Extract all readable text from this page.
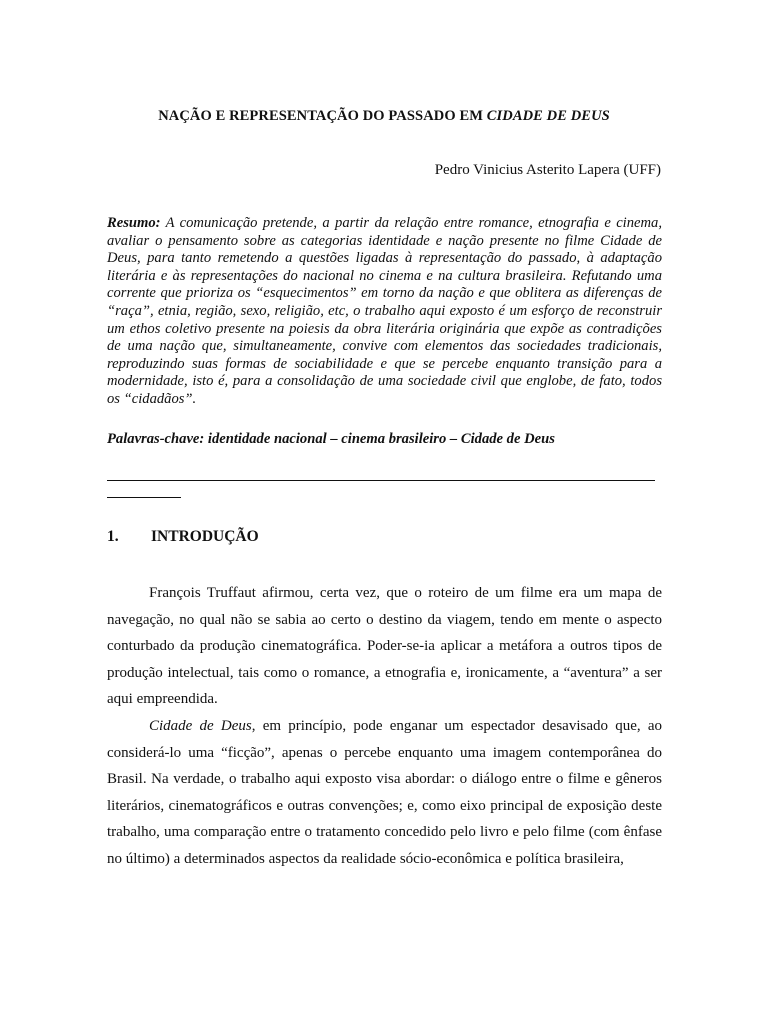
NAÇÃO E REPRESENTAÇÃO DO PASSADO EM CIDADE DE DEUS
Pedro Vinicius Asterito Lapera (UFF)
Resumo: A comunicação pretende, a partir da relação entre romance, etnografia e cinema, avaliar o pensamento sobre as categorias identidade e nação presente no filme Cidade de Deus, para tanto remetendo a questões ligadas à representação do passado, à adaptação literária e às representações do nacional no cinema e na cultura brasileira. Refutando uma corrente que prioriza os “esquecimentos” em torno da nação e que oblitera as diferenças de “raça”, etnia, região, sexo, religião, etc, o trabalho aqui exposto é um esforço de reconstruir um ethos coletivo presente na poiesis da obra literária originária que expõe as contradições de uma nação que, simultaneamente, convive com elementos das sociedades tradicionais, reproduzindo suas formas de sociabilidade e que se percebe enquanto transição para a modernidade, isto é, para a consolidação de uma sociedade civil que englobe, de fato, todos os “cidadãos”.
Palavras-chave: identidade nacional – cinema brasileiro – Cidade de Deus
1. INTRODUÇÃO

François Truffaut afirmou, certa vez, que o roteiro de um filme era um mapa de navegação, no qual não se sabia ao certo o destino da viagem, tendo em mente o aspecto conturbado da produção cinematográfica. Poder-se-ia aplicar a metáfora a outros tipos de produção intelectual, tais como o romance, a etnografia e, ironicamente, a “aventura” a ser aqui empreendida.

Cidade de Deus, em princípio, pode enganar um espectador desavisado que, ao considerá-lo uma “ficção”, apenas o percebe enquanto uma imagem contemporânea do Brasil. Na verdade, o trabalho aqui exposto visa abordar: o diálogo entre o filme e gêneros literários, cinematográficos e outras convenções; e, como eixo principal de exposição deste trabalho, uma comparação entre o tratamento concedido pelo livro e pelo filme (com ênfase no último) a determinados aspectos da realidade sócio-econômica e política brasileira,
